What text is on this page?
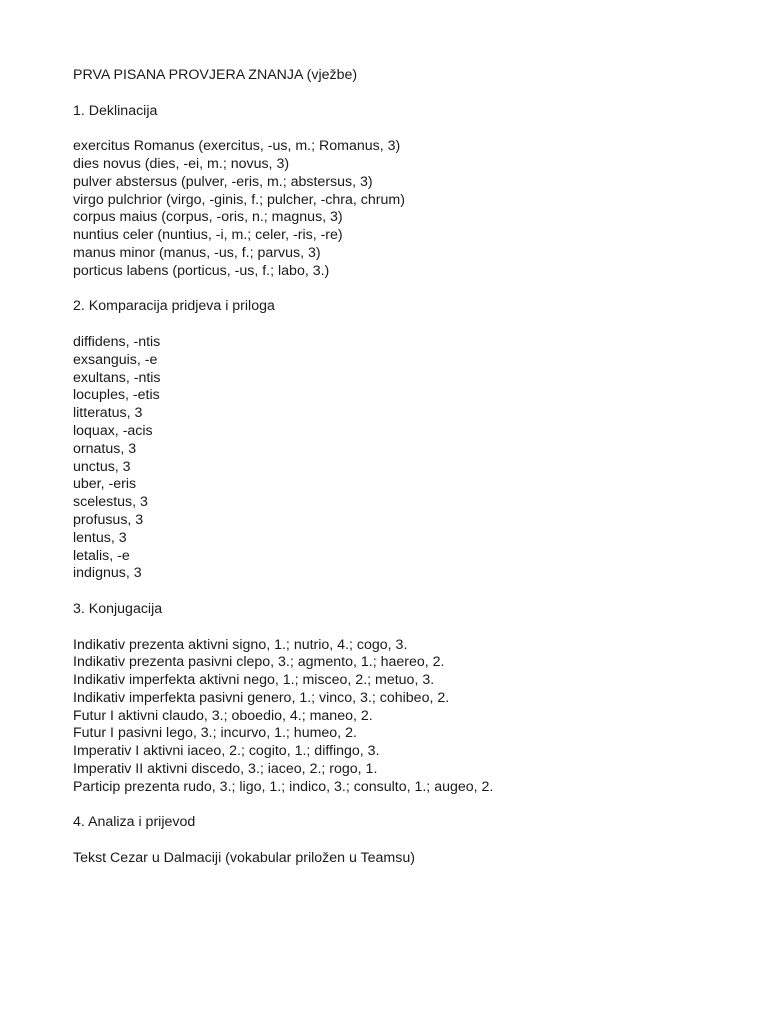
PRVA PISANA PROVJERA ZNANJA (vježbe)
1. Deklinacija
exercitus Romanus (exercitus, -us, m.; Romanus, 3)
dies novus (dies, -ei, m.; novus, 3)
pulver abstersus (pulver, -eris, m.; abstersus, 3)
virgo pulchrior (virgo, -ginis, f.; pulcher, -chra, chrum)
corpus maius (corpus, -oris, n.; magnus, 3)
nuntius celer (nuntius, -i, m.; celer, -ris, -re)
manus minor (manus, -us, f.; parvus, 3)
porticus labens (porticus, -us, f.; labo, 3.)
2. Komparacija pridjeva i priloga
diffidens, -ntis
exsanguis, -e
exultans, -ntis
locuples, -etis
litteratus, 3
loquax, -acis
ornatus, 3
unctus, 3
uber, -eris
scelestus, 3
profusus, 3
lentus, 3
letalis, -e
indignus, 3
3. Konjugacija
Indikativ prezenta aktivni signo, 1.; nutrio, 4.; cogo, 3.
Indikativ prezenta pasivni clepo, 3.; agmento, 1.; haereo, 2.
Indikativ imperfekta aktivni nego, 1.; misceo, 2.; metuo, 3.
Indikativ imperfekta pasivni genero, 1.; vinco, 3.; cohibeo, 2.
Futur I aktivni claudo, 3.; oboedio, 4.; maneo, 2.
Futur I pasivni lego, 3.; incurvo, 1.; humeo, 2.
Imperativ I aktivni iaceo, 2.; cogito, 1.; diffingo, 3.
Imperativ II aktivni discedo, 3.; iaceo, 2.; rogo, 1.
Particip prezenta rudo, 3.; ligo, 1.; indico, 3.; consulto, 1.; augeo, 2.
4. Analiza i prijevod
Tekst Cezar u Dalmaciji (vokabular priložen u Teamsu)
